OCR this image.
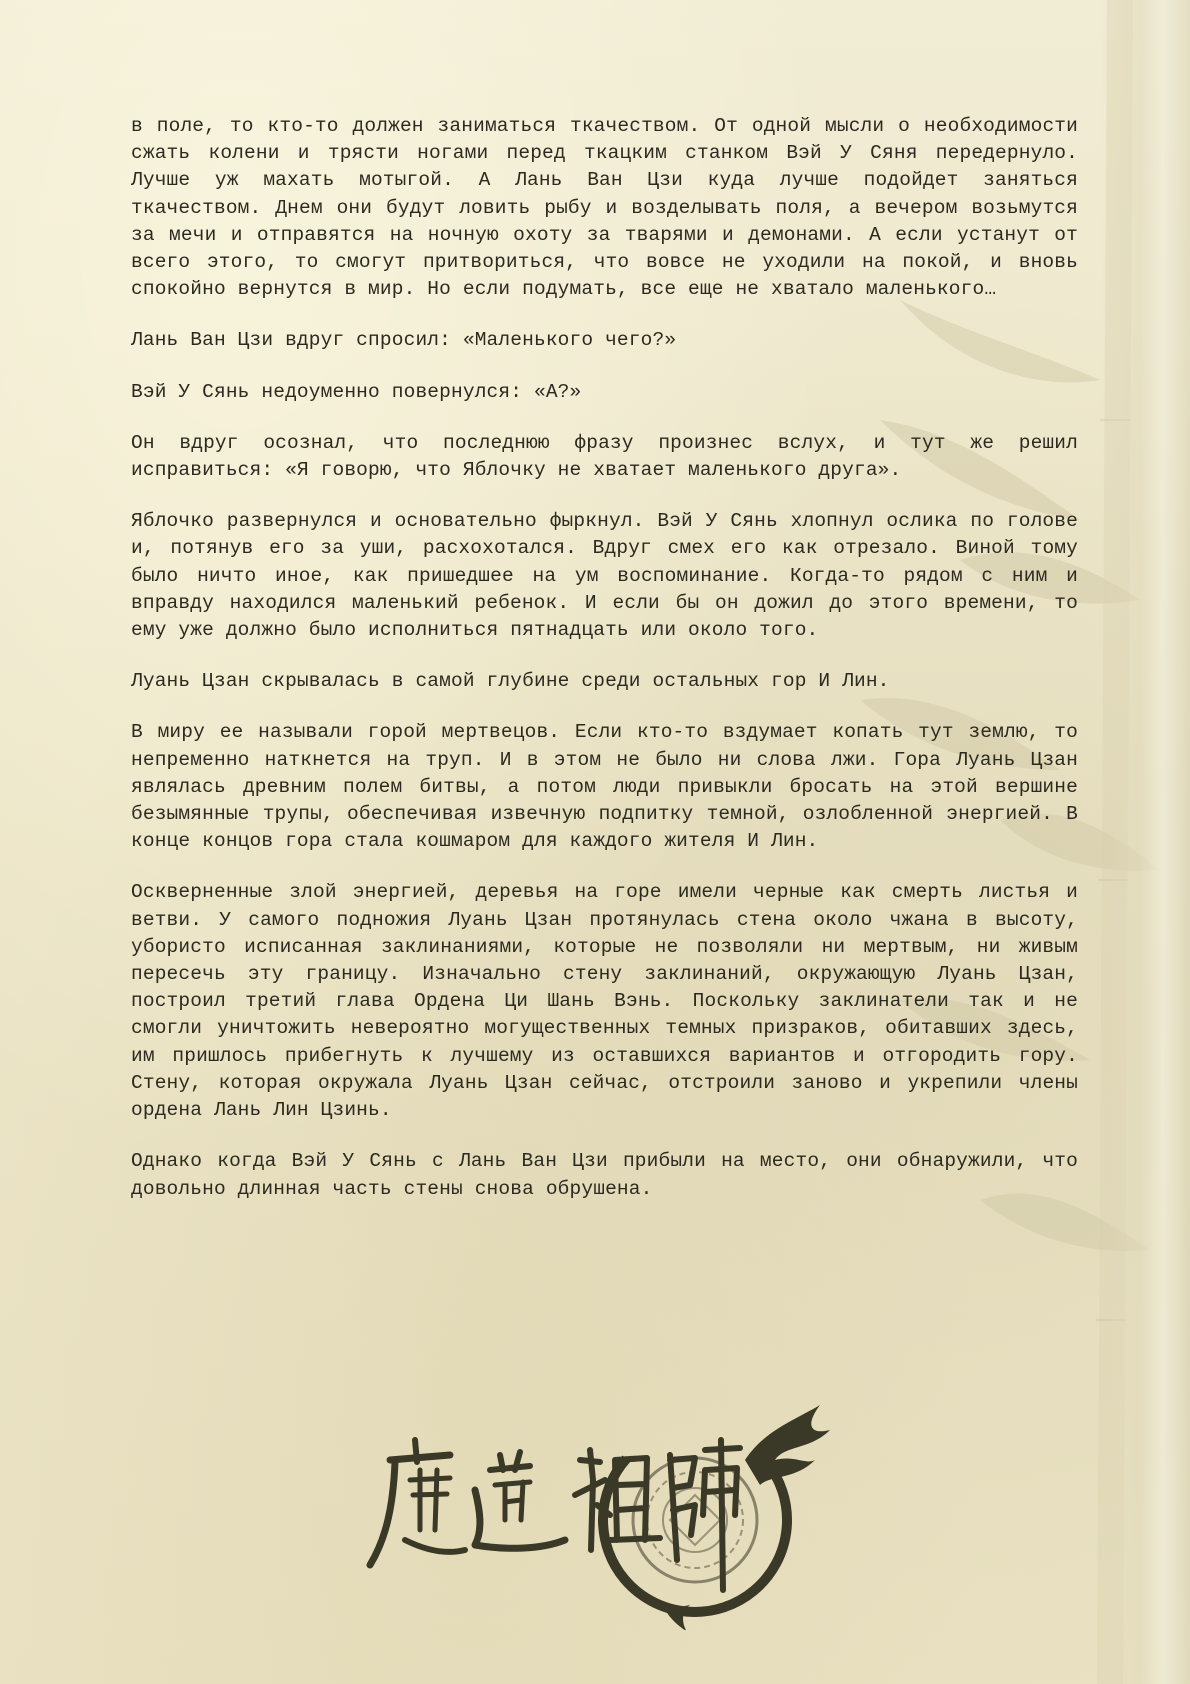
в поле, то кто-то должен заниматься ткачеством. От одной мысли о необходимости сжать колени и трясти ногами перед ткацким станком Вэй У Сяня передернуло. Лучше уж махать мотыгой. А Лань Ван Цзи куда лучше подойдет заняться ткачеством. Днем они будут ловить рыбу и возделывать поля, а вечером возьмутся за мечи и отправятся на ночную охоту за тварями и демонами. А если устанут от всего этого, то смогут притвориться, что вовсе не уходили на покой, и вновь спокойно вернутся в мир. Но если подумать, все еще не хватало маленького…

Лань Ван Цзи вдруг спросил: «Маленького чего?»

Вэй У Сянь недоуменно повернулся: «А?»

Он вдруг осознал, что последнюю фразу произнес вслух, и тут же решил исправиться: «Я говорю, что Яблочку не хватает маленького друга».

Яблочко развернулся и основательно фыркнул. Вэй У Сянь хлопнул ослика по голове и, потянув его за уши, расхохотался. Вдруг смех его как отрезало. Виной тому было ничто иное, как пришедшее на ум воспоминание. Когда-то рядом с ним и вправду находился маленький ребенок. И если бы он дожил до этого времени, то ему уже должно было исполниться пятнадцать или около того.

Луань Цзан скрывалась в самой глубине среди остальных гор И Лин.

В миру ее называли горой мертвецов. Если кто-то вздумает копать тут землю, то непременно наткнется на труп. И в этом не было ни слова лжи. Гора Луань Цзан являлась древним полем битвы, а потом люди привыкли бросать на этой вершине безымянные трупы, обеспечивая извечную подпитку темной, озлобленной энергией. В конце концов гора стала кошмаром для каждого жителя И Лин.

Оскверненные злой энергией, деревья на горе имели черные как смерть листья и ветви. У самого подножия Луань Цзан протянулась стена около чжана в высоту, убористо исписанная заклинаниями, которые не позволяли ни мертвым, ни живым пересечь эту границу. Изначально стену заклинаний, окружающую Луань Цзан, построил третий глава Ордена Ци Шань Вэнь. Поскольку заклинатели так и не смогли уничтожить невероятно могущественных темных призраков, обитавших здесь, им пришлось прибегнуть к лучшему из оставшихся вариантов и отгородить гору. Стену, которая окружала Луань Цзан сейчас, отстроили заново и укрепили члены ордена Лань Лин Цзинь.

Однако когда Вэй У Сянь с Лань Ван Цзи прибыли на место, они обнаружили, что довольно длинная часть стены снова обрушена.
